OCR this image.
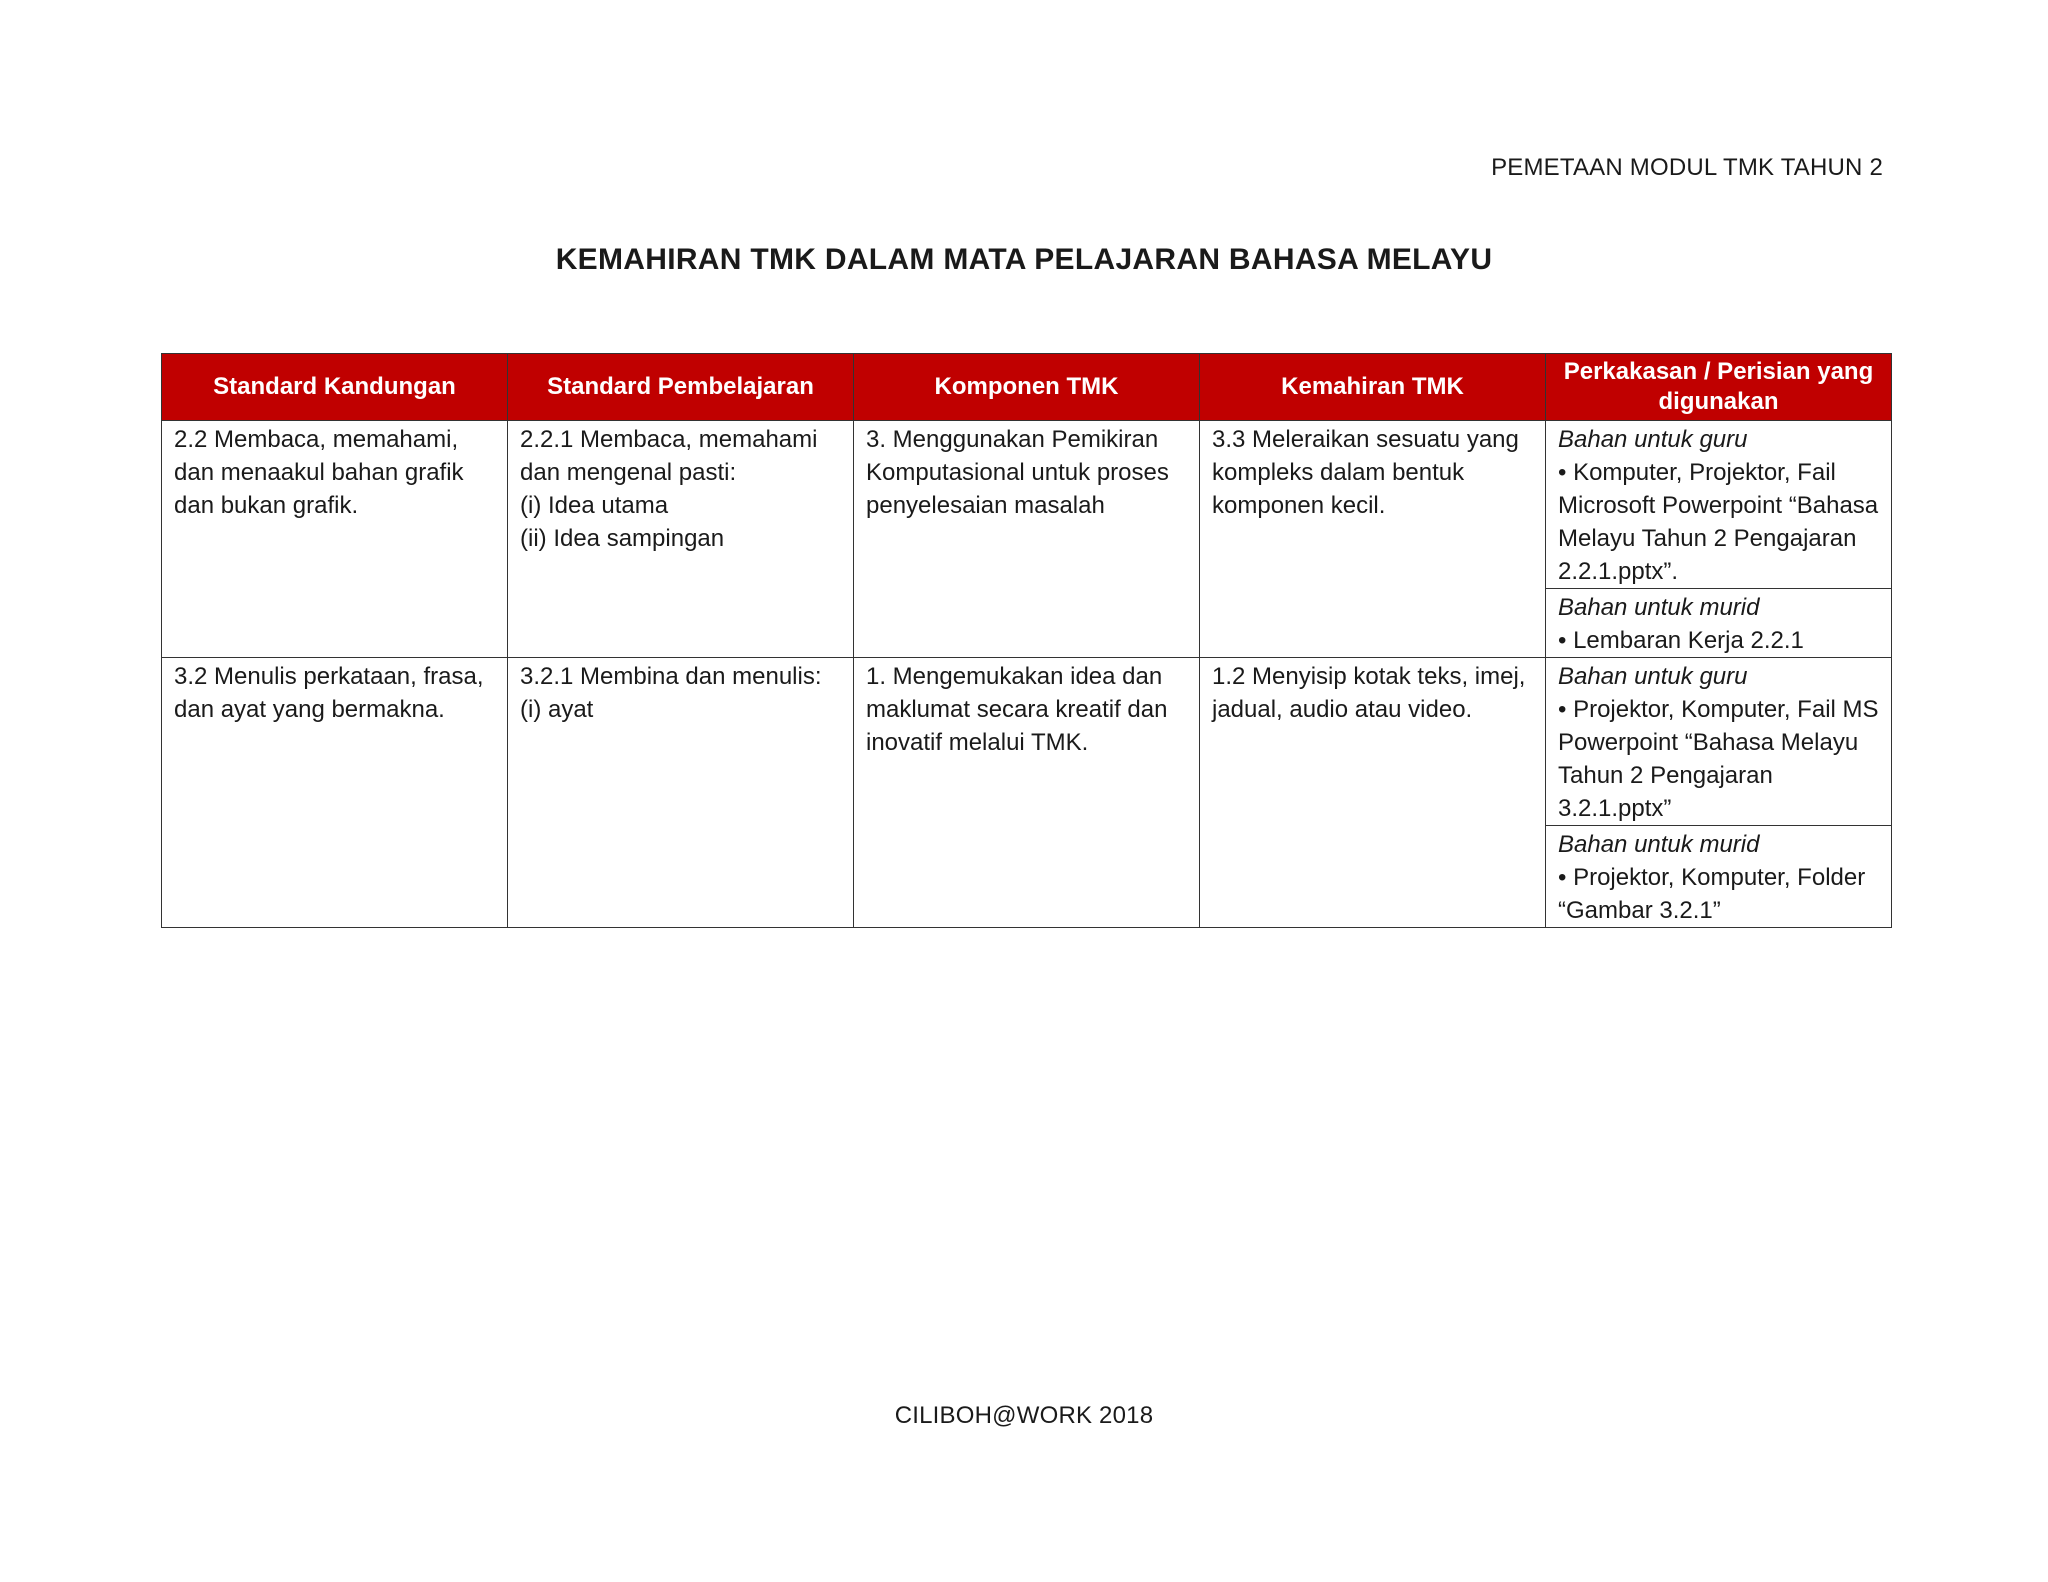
PEMETAAN MODUL TMK TAHUN 2
KEMAHIRAN TMK DALAM MATA PELAJARAN BAHASA MELAYU
Standard Kandungan	Standard Pembelajaran	Komponen TMK	Kemahiran TMK	Perkakasan / Perisian yang digunakan

2.2 Membaca, memahami, dan menaakul bahan grafik dan bukan grafik.	2.2.1 Membaca, memahami dan mengenal pasti:
(i) Idea utama
(ii) Idea sampingan	3. Menggunakan Pemikiran Komputasional untuk proses penyelesaian masalah	3.3 Meleraikan sesuatu yang kompleks dalam bentuk komponen kecil.	Bahan untuk guru
• Komputer, Projektor, Fail Microsoft Powerpoint “Bahasa Melayu Tahun 2 Pengajaran 2.2.1.pptx”.

				Bahan untuk murid
• Lembaran Kerja 2.2.1

3.2 Menulis perkataan, frasa, dan ayat yang bermakna.	3.2.1 Membina dan menulis:
(i) ayat	1. Mengemukakan idea dan maklumat secara kreatif dan inovatif melalui TMK.	1.2 Menyisip kotak teks, imej, jadual, audio atau video.	Bahan untuk guru
• Projektor, Komputer, Fail MS Powerpoint “Bahasa Melayu Tahun 2 Pengajaran 3.2.1.pptx”

				Bahan untuk murid
• Projektor, Komputer, Folder “Gambar 3.2.1”
CILIBOH@WORK 2018
